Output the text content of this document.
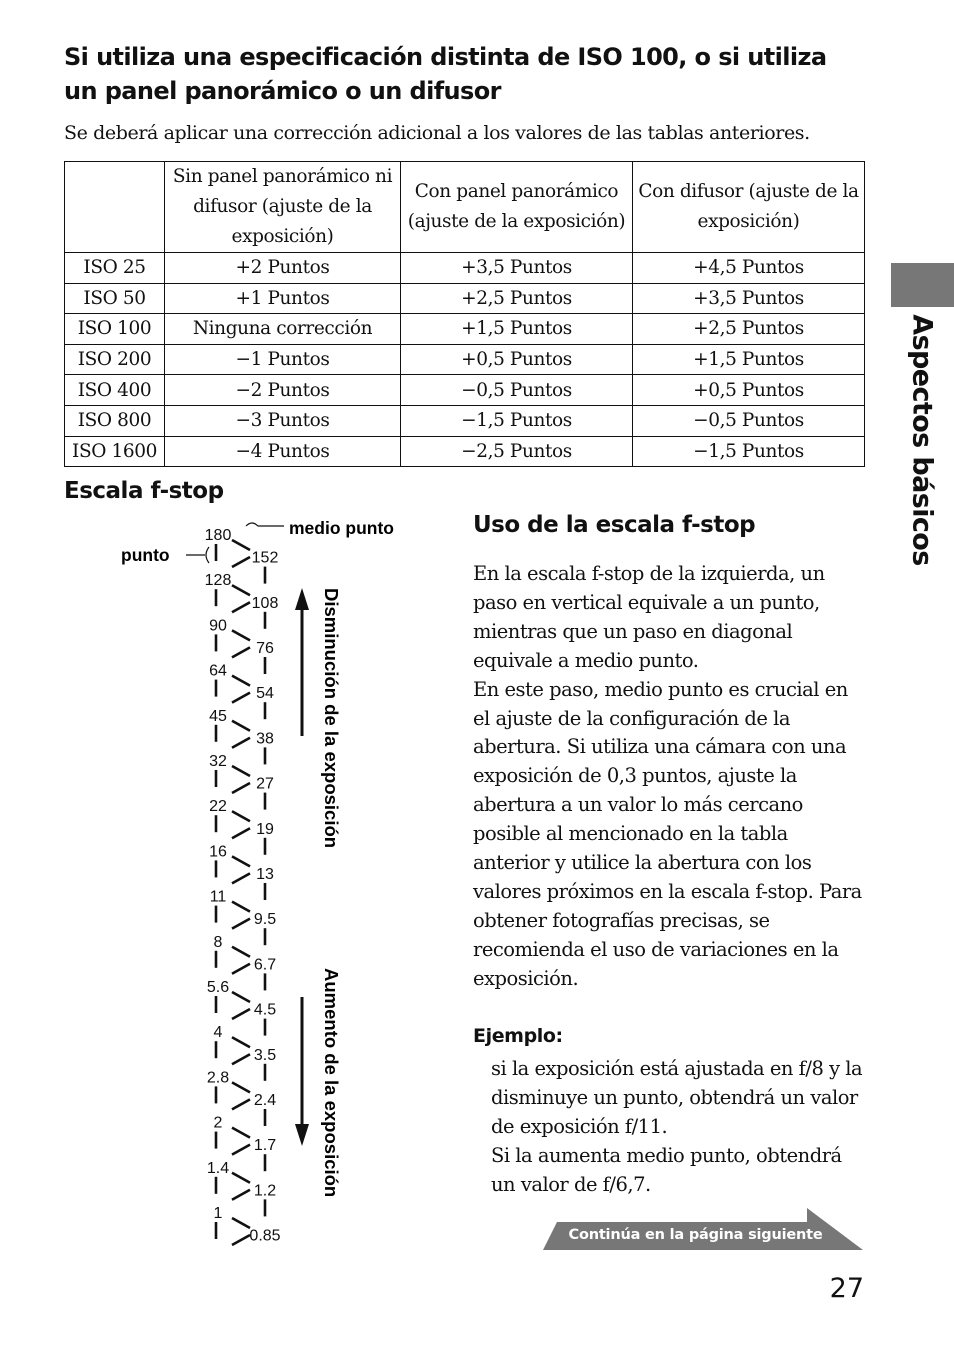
Si utiliza una especificación distinta de ISO 100, o si utiliza un panel panorámico o un difusor

Se deberá aplicar una corrección adicional a los valores de las tablas anteriores.

	Sin panel panorámico ni difusor (ajuste de la exposición)	Con panel panorámico (ajuste de la exposición)	Con difusor (ajuste de la exposición)
ISO 25	+2 Puntos	+3,5 Puntos	+4,5 Puntos
ISO 50	+1 Puntos	+2,5 Puntos	+3,5 Puntos
ISO 100	Ninguna corrección	+1,5 Puntos	+2,5 Puntos
ISO 200	−1 Puntos	+0,5 Puntos	+1,5 Puntos
ISO 400	−2 Puntos	−0,5 Puntos	+0,5 Puntos
ISO 800	−3 Puntos	−1,5 Puntos	−0,5 Puntos
ISO 1600	−4 Puntos	−2,5 Puntos	−1,5 Puntos	Aspectos básicos
Escala f-stop
180
152
128
108
90
76
64
54
45
38
32
27
22
19
16
13
11
9.5
8
6.7
5.6
4.5
4
3.5
2.8
2.4
2
1.7
1.4
1.2
1
0.85
medio punto
punto
Disminución de la exposición
Aumento de la exposición
Uso de la escala f-stop

En la escala f-stop de la izquierda, un paso en vertical equivale a un punto, mientras que un paso en diagonal equivale a medio punto.

En este paso, medio punto es crucial en el ajuste de la configuración de la abertura. Si utiliza una cámara con una exposición de 0,3 puntos, ajuste la abertura a un valor lo más cercano posible al mencionado en la tabla anterior y utilice la abertura con los valores próximos en la escala f-stop. Para obtener fotografías precisas, se recomienda el uso de variaciones en la exposición.

Ejemplo:

si la exposición está ajustada en f/8 y la disminuye un punto, obtendrá un valor de exposición f/11.

Si la aumenta medio punto, obtendrá un valor de f/6,7.

Continúa en la página siguiente
27
